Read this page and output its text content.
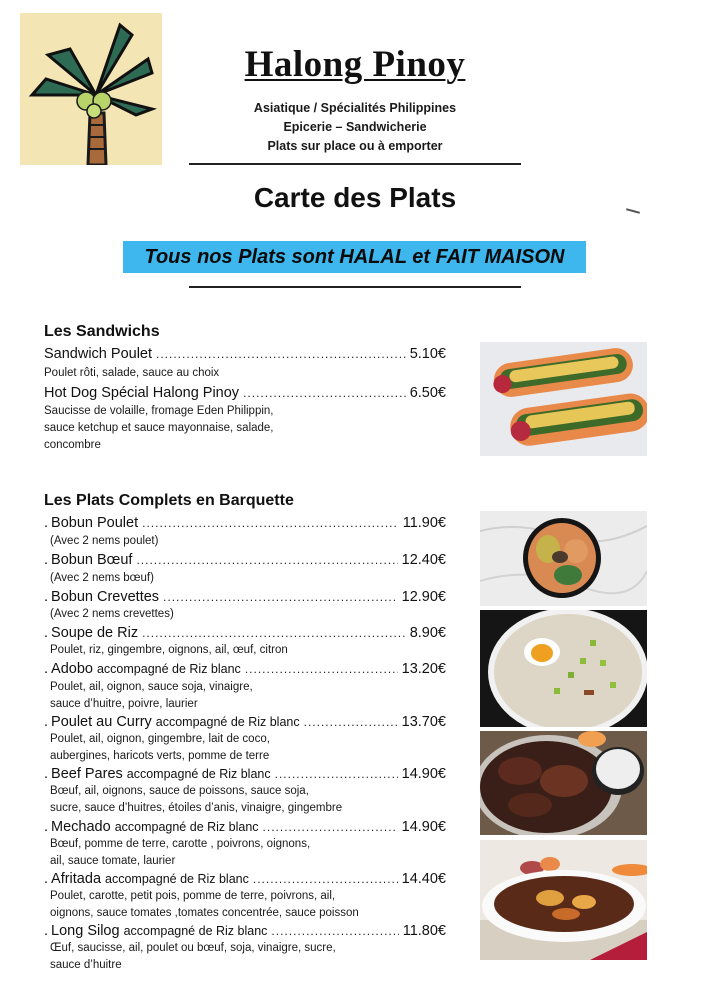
Halong Pinoy
Asiatique / Spécialités Philippines
Epicerie – Sandwicherie
Plats sur place ou à emporter
Carte des Plats
Tous nos Plats sont HALAL et FAIT MAISON
Les Sandwichs
Sandwich Poulet .....	5.10€
Poulet rôti, salade, sauce au choix
Hot Dog Spécial Halong Pinoy .....	6.50€
Saucisse de volaille, fromage Eden Philippin,
sauce ketchup et sauce mayonnaise, salade,
concombre
Les Plats Complets en Barquette
. Bobun Poulet .....	11.90€
(Avec 2 nems poulet)
. Bobun Bœuf .....	12.40€
(Avec 2 nems bœuf)
. Bobun Crevettes .....	12.90€
(Avec 2 nems crevettes)
. Soupe de Riz .....	8.90€
Poulet, riz, gingembre, oignons, ail, œuf, citron
. Adobo accompagné de Riz blanc .....	13.20€
Poulet, ail, oignon, sauce soja, vinaigre,
sauce d’huitre, poivre, laurier
. Poulet au Curry accompagné de Riz blanc .....	13.70€
Poulet, ail, oignon, gingembre, lait de coco,
aubergines, haricots verts, pomme de terre
. Beef Pares accompagné de Riz blanc .....	14.90€
Bœuf, ail, oignons, sauce de poissons, sauce soja,
sucre, sauce d’huitres, étoiles d’anis, vinaigre, gingembre
. Mechado accompagné de Riz blanc .....	14.90€
Bœuf, pomme de terre, carotte , poivrons, oignons,
ail, sauce tomate, laurier
. Afritada accompagné de Riz blanc .....	14.40€
Poulet, carotte, petit pois, pomme de terre, poivrons, ail,
oignons, sauce tomates ,tomates concentrée, sauce poisson
. Long Silog accompagné de Riz blanc .....	11.80€
Œuf, saucisse, ail, poulet ou bœuf, soja, vinaigre, sucre,
sauce d’huitre
